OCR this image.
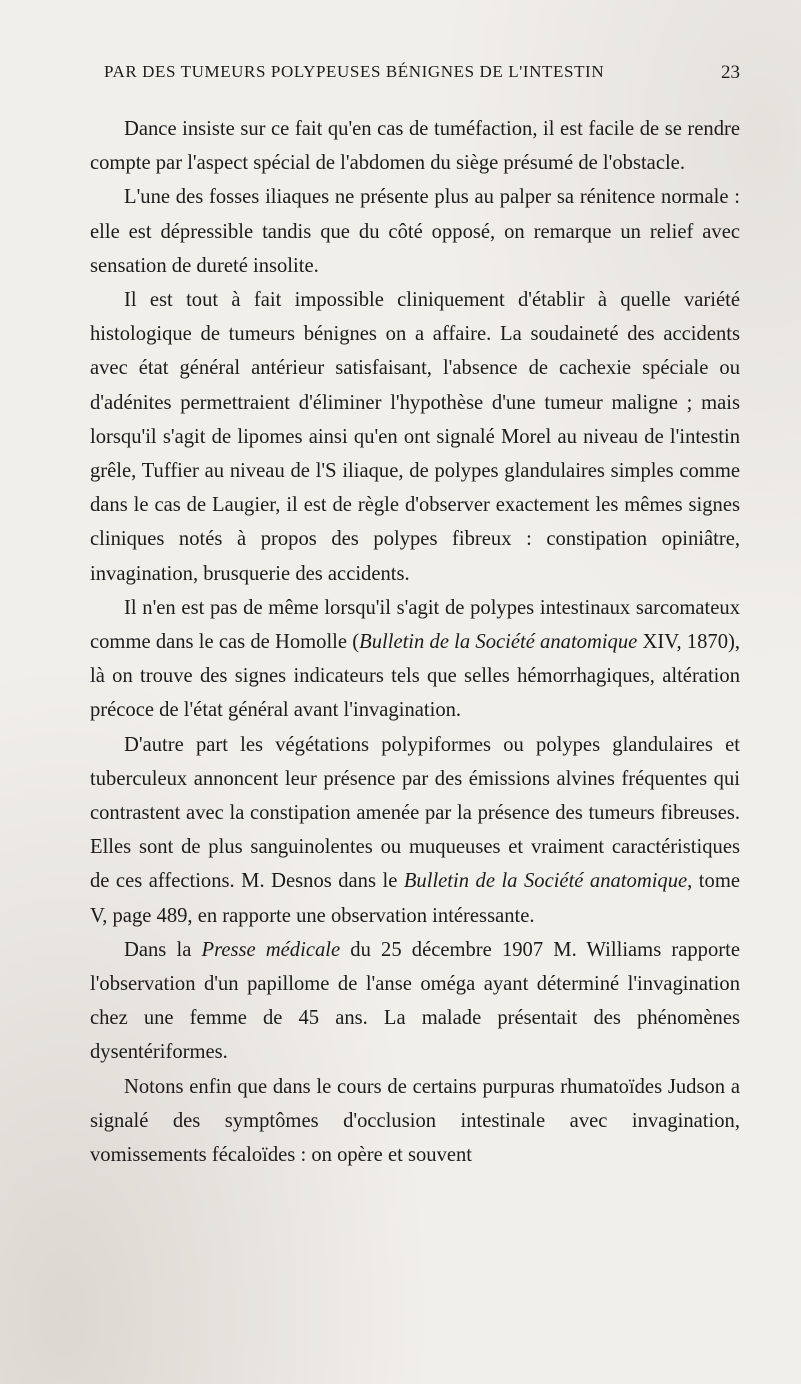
PAR DES TUMEURS POLYPEUSES BÉNIGNES DE L'INTESTIN	23

Dance insiste sur ce fait qu'en cas de tuméfaction, il est facile de se rendre compte par l'aspect spécial de l'abdomen du siège présumé de l'obstacle.

L'une des fosses iliaques ne présente plus au palper sa rénitence normale : elle est dépressible tandis que du côté opposé, on remarque un relief avec sensation de dureté insolite.

Il est tout à fait impossible cliniquement d'établir à quelle variété histologique de tumeurs bénignes on a affaire. La soudaineté des accidents avec état général antérieur satisfaisant, l'absence de cachexie spéciale ou d'adénites permettraient d'éliminer l'hypothèse d'une tumeur maligne ; mais lorsqu'il s'agit de lipomes ainsi qu'en ont signalé Morel au niveau de l'intestin grêle, Tuffier au niveau de l'S iliaque, de polypes glandulaires simples comme dans le cas de Laugier, il est de règle d'observer exactement les mêmes signes cliniques notés à propos des polypes fibreux : constipation opiniâtre, invagination, brusquerie des accidents.

Il n'en est pas de même lorsqu'il s'agit de polypes intestinaux sarcomateux comme dans le cas de Homolle (Bulletin de la Société anatomique XIV, 1870), là on trouve des signes indicateurs tels que selles hémorrhagiques, altération précoce de l'état général avant l'invagination.

D'autre part les végétations polypiformes ou polypes glandulaires et tuberculeux annoncent leur présence par des émissions alvines fréquentes qui contrastent avec la constipation amenée par la présence des tumeurs fibreuses. Elles sont de plus sanguinolentes ou muqueuses et vraiment caractéristiques de ces affections. M. Desnos dans le Bulletin de la Société anatomique, tome V, page 489, en rapporte une observation intéressante.

Dans la Presse médicale du 25 décembre 1907 M. Williams rapporte l'observation d'un papillome de l'anse oméga ayant déterminé l'invagination chez une femme de 45 ans. La malade présentait des phénomènes dysentériformes.

Notons enfin que dans le cours de certains purpuras rhumatoïdes Judson a signalé des symptômes d'occlusion intestinale avec invagination, vomissements fécaloïdes : on opère et souvent
